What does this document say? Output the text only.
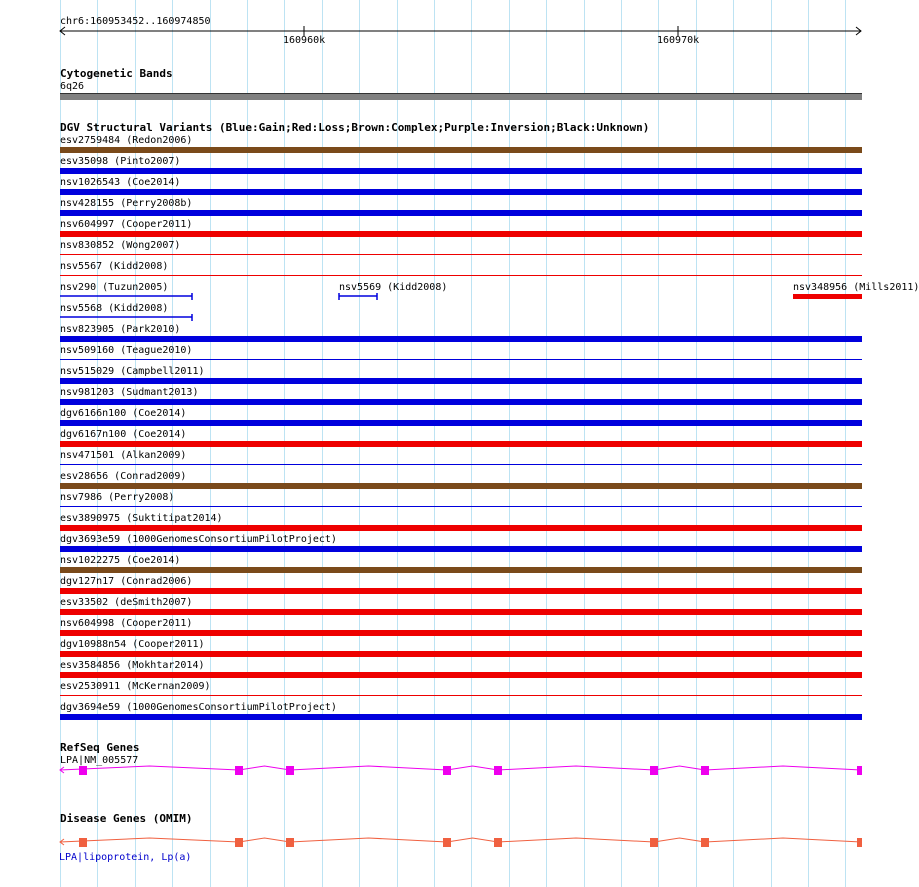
chr6:160953452..160974850
160960k	160970k
Cytogenetic Bands
6q26
DGV Structural Variants (Blue:Gain;Red:Loss;Brown:Complex;Purple:Inversion;Black:Unknown)
esv2759484 (Redon2006)
esv35098 (Pinto2007)
nsv1026543 (Coe2014)
nsv428155 (Perry2008b)
nsv604997 (Cooper2011)
nsv830852 (Wong2007)
nsv5567 (Kidd2008)
nsv290 (Tuzun2005)
nsv5568 (Kidd2008)
nsv823905 (Park2010)
nsv509160 (Teague2010)
nsv515029 (Campbell2011)
nsv981203 (Sudmant2013)
dgv6166n100 (Coe2014)
dgv6167n100 (Coe2014)
nsv471501 (Alkan2009)
esv28656 (Conrad2009)
nsv7986 (Perry2008)
esv3890975 (Suktitipat2014)
dgv3693e59 (1000GenomesConsortiumPilotProject)
nsv1022275 (Coe2014)
dgv127n17 (Conrad2006)
esv33502 (deSmith2007)
nsv604998 (Cooper2011)
dgv10988n54 (Cooper2011)
esv3584856 (Mokhtar2014)
esv2530911 (McKernan2009)
dgv3694e59 (1000GenomesConsortiumPilotProject)
nsv5569 (Kidd2008)	nsv348956 (Mills2011)
RefSeq Genes
LPA|NM_005577
Disease Genes (OMIM)
LPA|lipoprotein, Lp(a)
